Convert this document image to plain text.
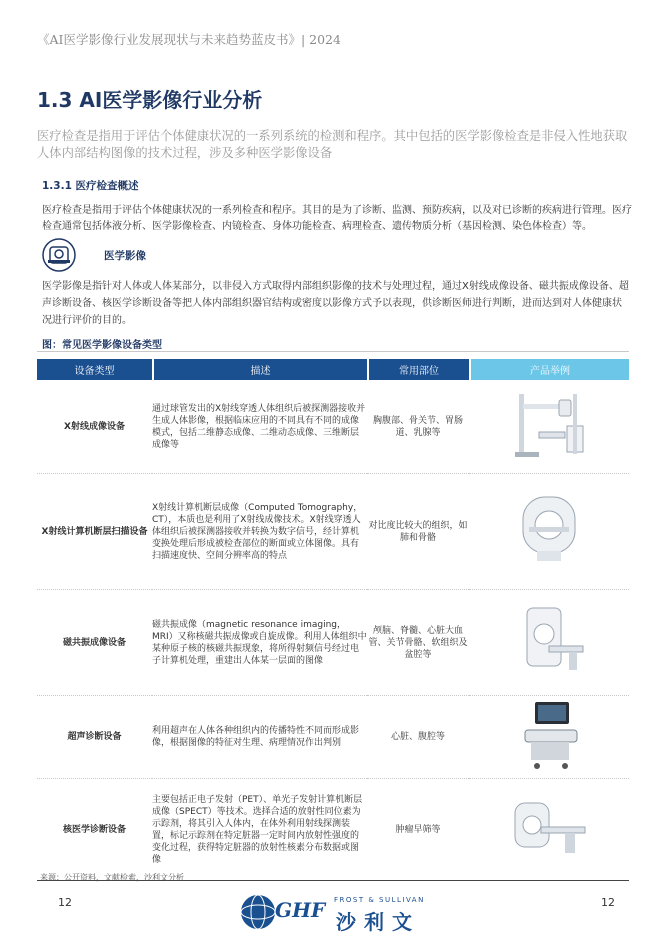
《AI医学影像行业发展现状与未来趋势蓝皮书》| 2024
1.3 AI医学影像行业分析
医疗检查是指用于评估个体健康状况的一系列系统的检测和程序。其中包括的医学影像检查是非侵入性地获取人体内部结构图像的技术过程，涉及多种医学影像设备
1.3.1 医疗检查概述
医疗检查是指用于评估个体健康状况的一系列检查和程序。其目的是为了诊断、监测、预防疾病，以及对已诊断的疾病进行管理。医疗检查通常包括体液分析、医学影像检查、内镜检查、身体功能检查、病理检查、遗传物质分析（基因检测、染色体检查）等。
医学影像
医学影像是指针对人体或人体某部分，以非侵入方式取得内部组织影像的技术与处理过程，通过X射线成像设备、磁共振成像设备、超声诊断设备、核医学诊断设备等把人体内部组织器官结构或密度以影像方式予以表现，供诊断医师进行判断，进而达到对人体健康状况进行评价的目的。
图：常见医学影像设备类型
设备类型	描述	常用部位	产品举例
X射线成像设备	通过球管发出的X射线穿透人体组织后被探测器接收并生成人体影像，根据临床应用的不同具有不同的成像模式，包括二维静态成像、二维动态成像、三维断层成像等	胸腹部、骨关节、胃肠道、乳腺等	
X射线计算机断层扫描设备	X射线计算机断层成像（Computed Tomography，CT），本质也是利用了X射线成像技术。X射线穿透人体组织后被探测器接收并转换为数字信号，经计算机变换处理后形成被检查部位的断面或立体图像。具有扫描速度快、空间分辨率高的特点	对比度比较大的组织，如肺和骨骼	
磁共振成像设备	磁共振成像（magnetic resonance imaging，MRI）又称核磁共振成像或自旋成像。利用人体组织中某种原子核的核磁共振现象，将所得射频信号经过电子计算机处理，重建出人体某一层面的图像	颅脑、脊髓、心脏大血管、关节骨骼、软组织及盆腔等	
超声诊断设备	利用超声在人体各种组织内的传播特性不同而形成影像，根据图像的特征对生理、病理情况作出判别	心脏、腹腔等	
核医学诊断设备	主要包括正电子发射（PET）、单光子发射计算机断层成像（SPECT）等技术。选择合适的放射性同位素为示踪剂，将其引入人体内，在体外利用射线探测装置，标记示踪剂在特定脏器一定时间内放射性强度的变化过程，获得特定脏器的放射性核素分布数据或图像	肿瘤早筛等	
来源：公开资料，文献检索，沙利文分析
12	12
GHF FROST & SULLIVAN
沙利文
